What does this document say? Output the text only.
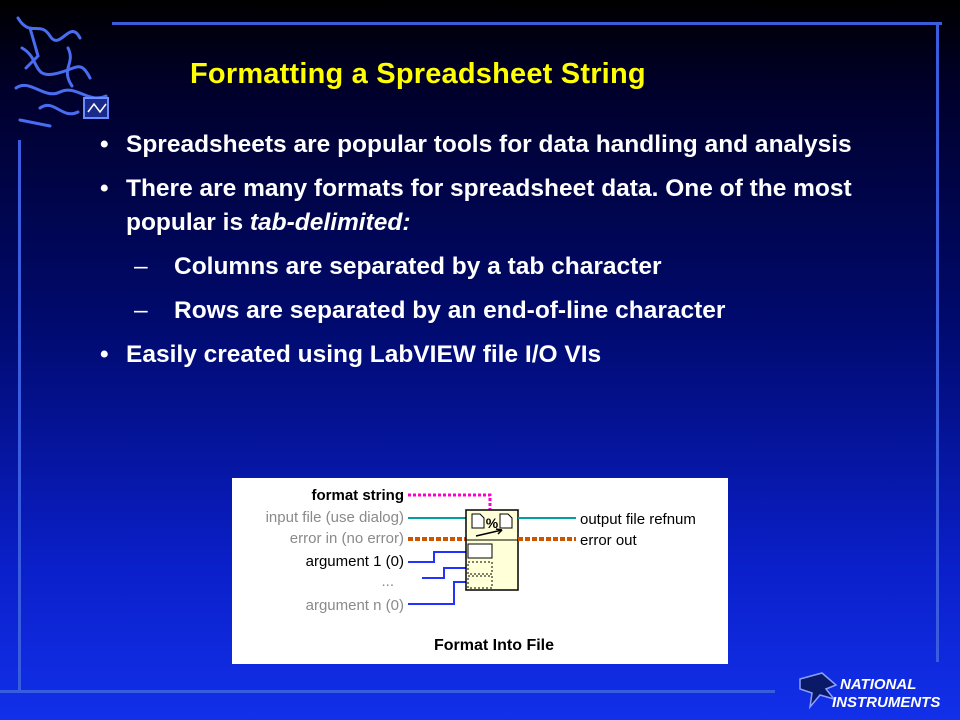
Formatting a Spreadsheet String
• Spreadsheets are popular tools for data handling and analysis
• There are many formats for spreadsheet data. One of the most popular is tab-delimited:
– Columns are separated by a tab character
– Rows are separated by an end-of-line character
• Easily created using LabVIEW file I/O VIs
format string
input file (use dialog)
error in (no error)
argument 1 (0)
...
argument n (0)
%	output file refnum
error out
Format Into File
NATIONAL
INSTRUMENTS
